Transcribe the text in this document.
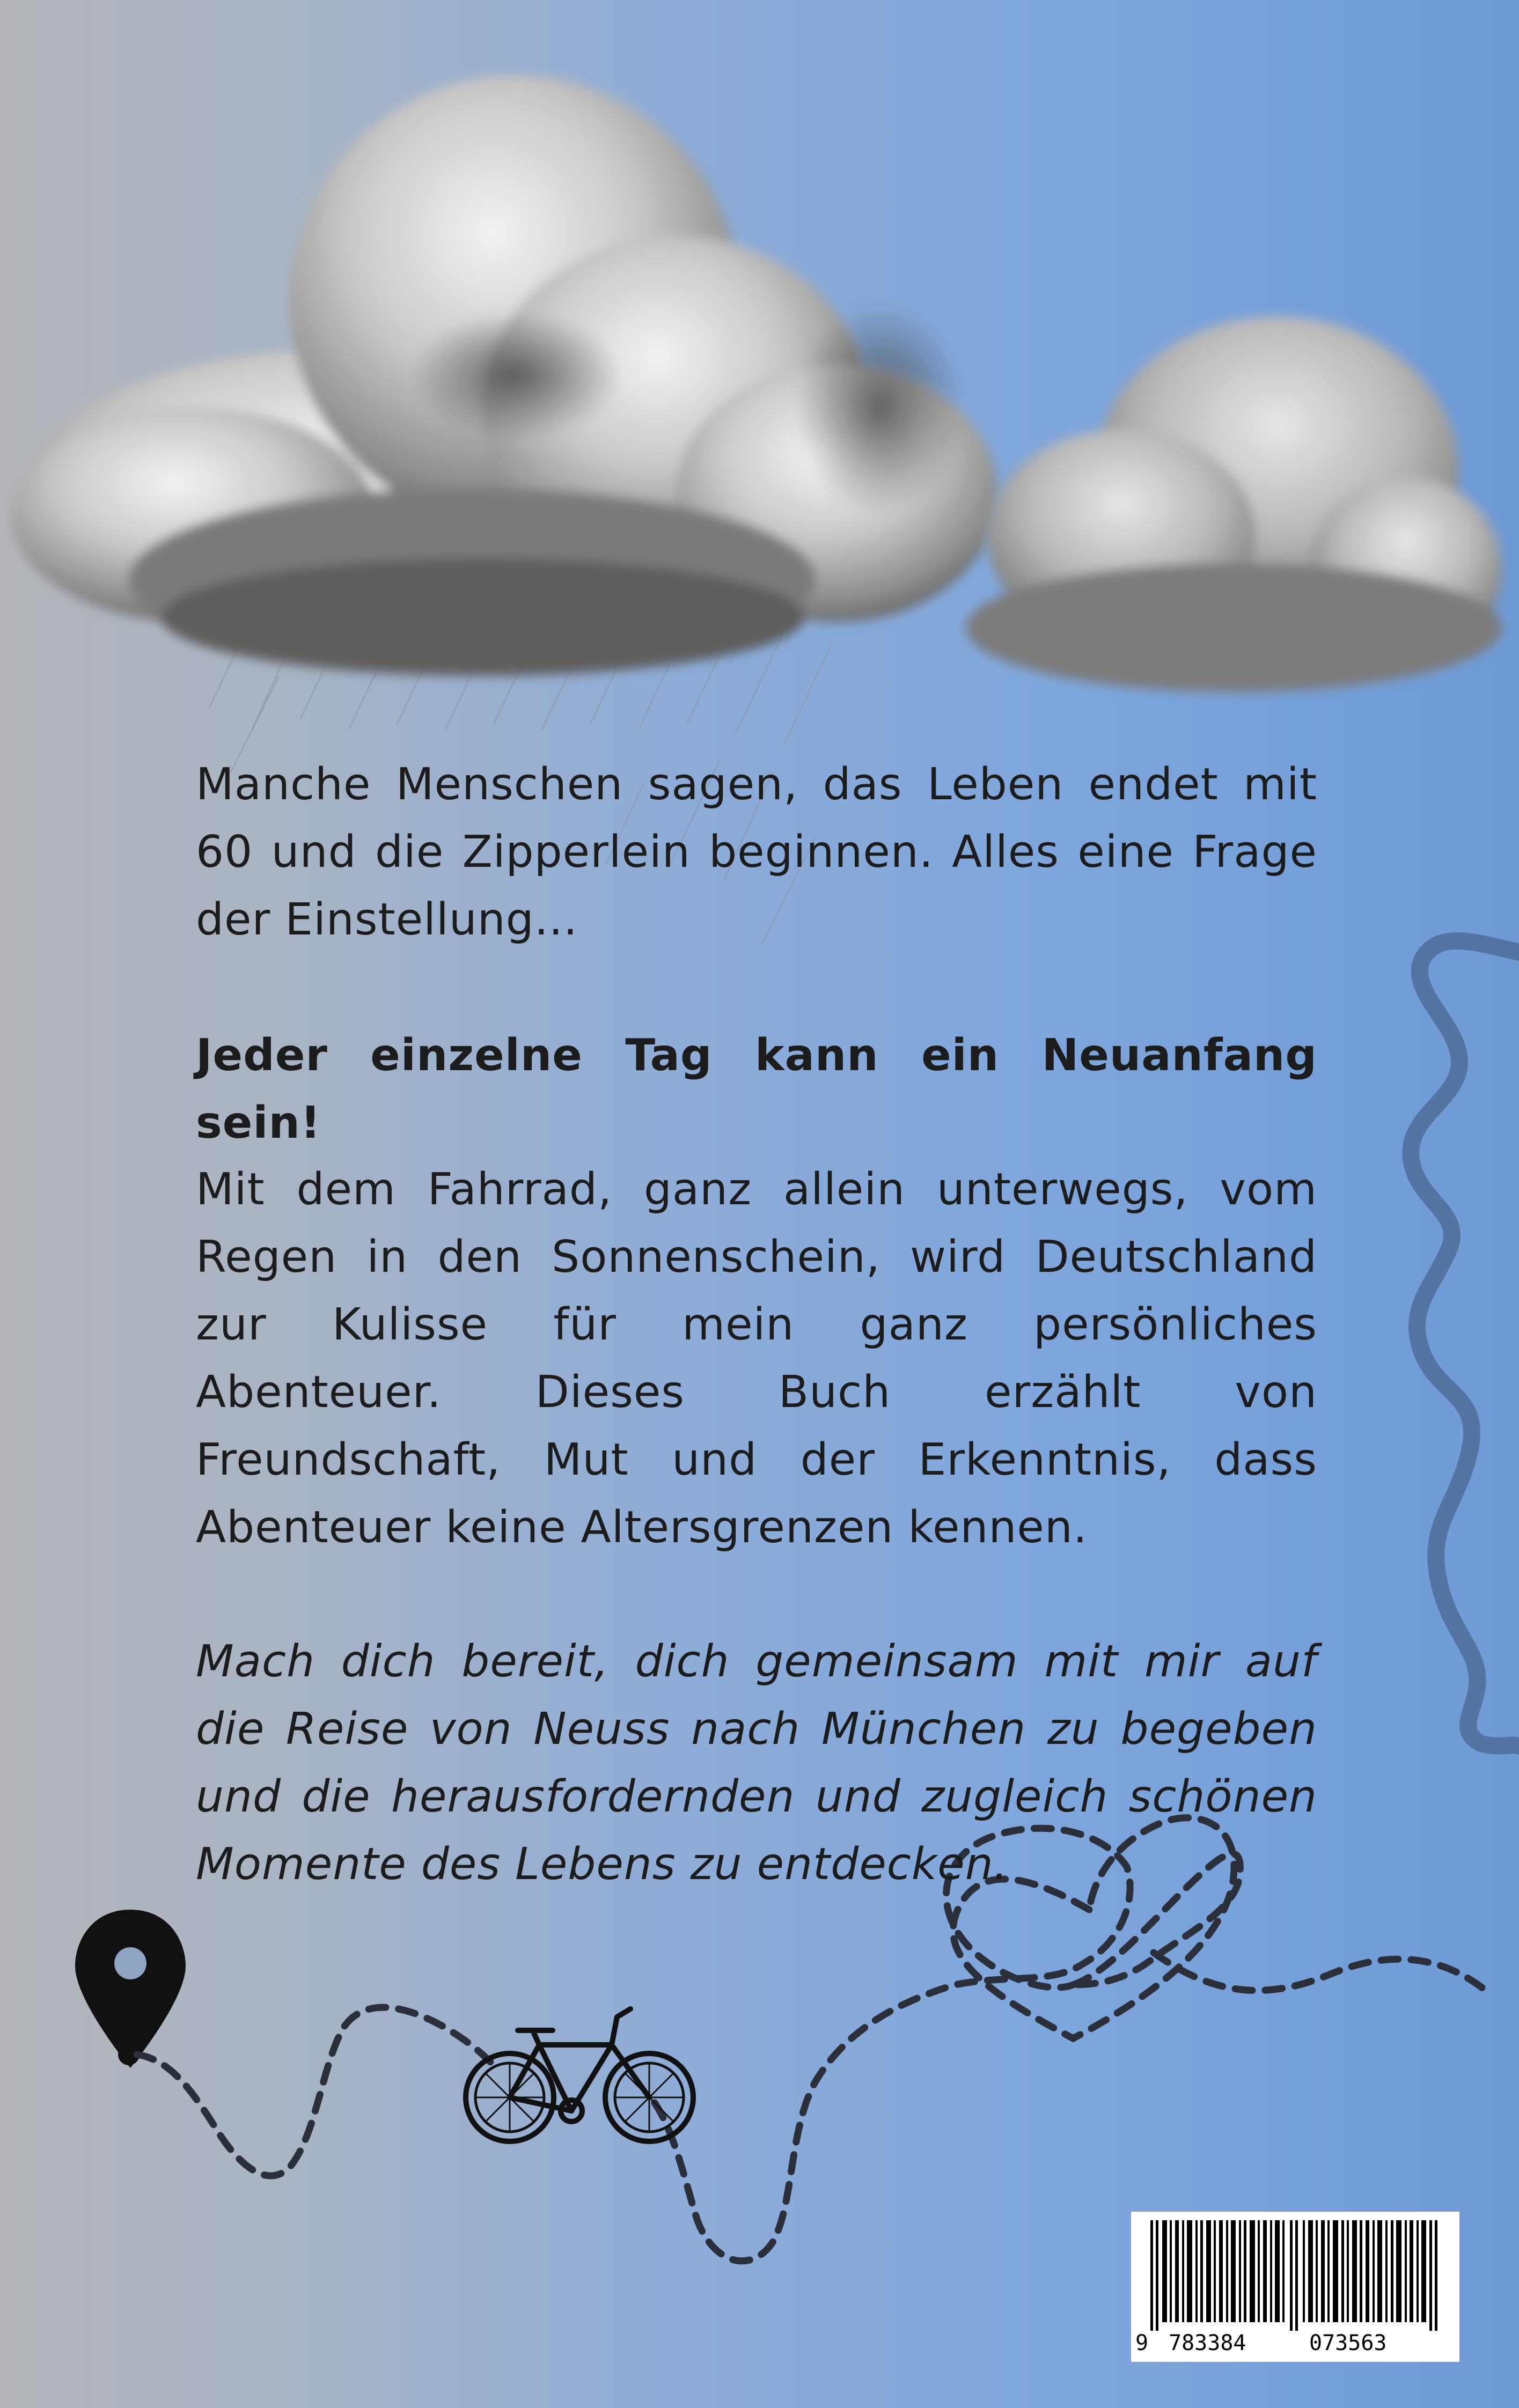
Manche Menschen sagen, das Leben endet mit 60 und die Zipperlein beginnen. Alles eine Frage der Einstellung...

Jeder einzelne Tag kann ein Neuanfang sein!

Mit dem Fahrrad, ganz allein unterwegs, vom Regen in den Sonnenschein, wird Deutschland zur Kulisse für mein ganz persönliches Abenteuer. Dieses Buch erzählt von Freundschaft, Mut und der Erkenntnis, dass Abenteuer keine Altersgrenzen kennen.

Mach dich bereit, dich gemeinsam mit mir auf die Reise von Neuss nach München zu begeben und die herausfordernden und zugleich schönen Momente des Lebens zu entdecken.

9 783384	073563
